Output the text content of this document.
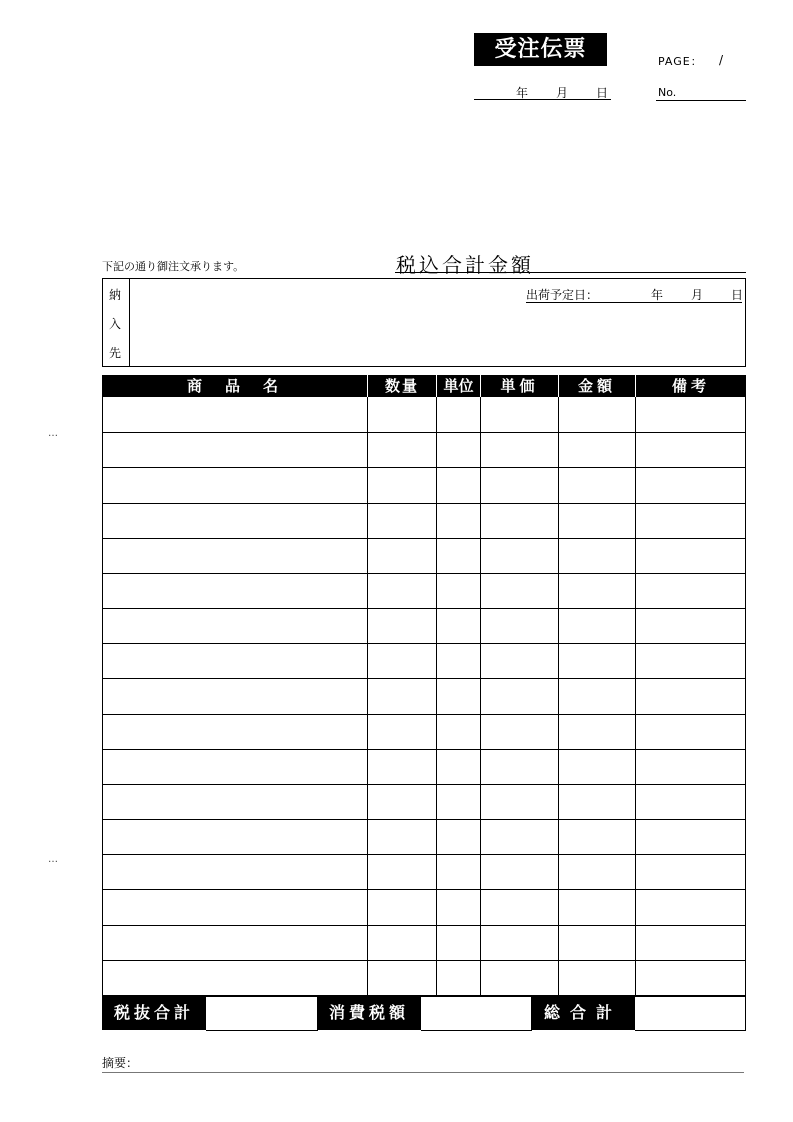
受注伝票
年 月 日
PAGE： /
No.
下記の通り御注文承ります。	税込合計金額
納
入
先
出荷予定日：	年 月 日
商　品　名	数量	単位	単価	金額	備考
…
…
税抜合計	消費税額	総合計
摘要：
